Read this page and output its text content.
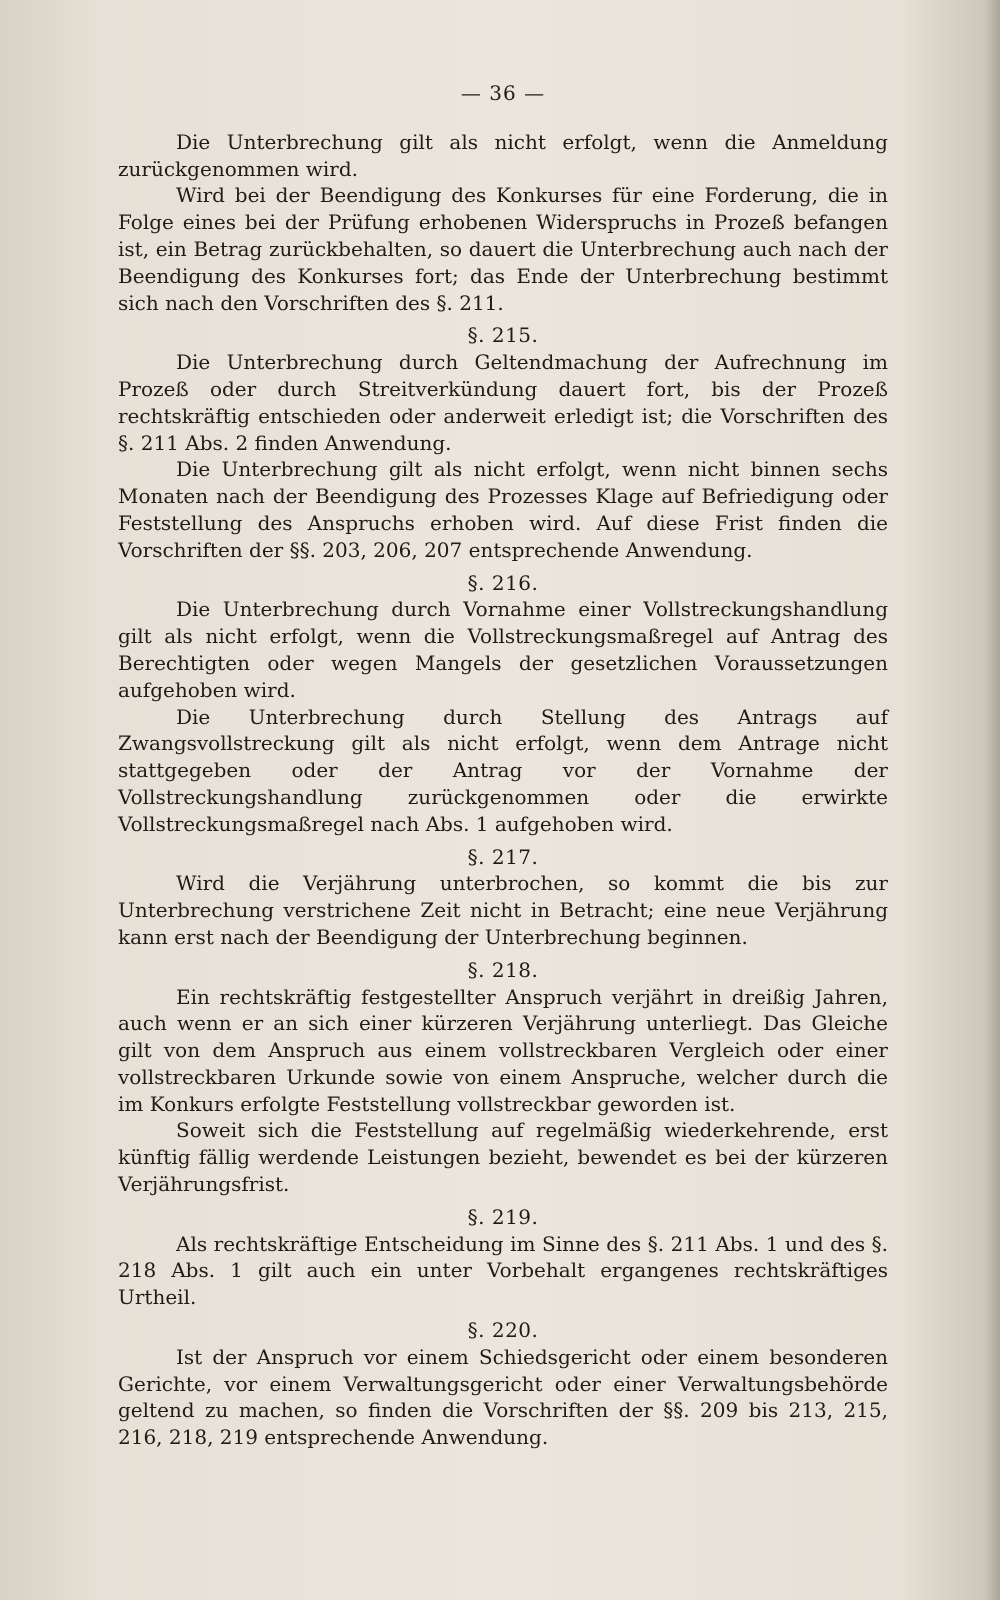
— 36 —

Die Unterbrechung gilt als nicht erfolgt, wenn die Anmeldung zurückgenommen wird.

Wird bei der Beendigung des Konkurses für eine Forderung, die in Folge eines bei der Prüfung erhobenen Widerspruchs in Prozeß befangen ist, ein Betrag zurückbehalten, so dauert die Unterbrechung auch nach der Beendigung des Konkurses fort; das Ende der Unterbrechung bestimmt sich nach den Vorschriften des §. 211.

§. 215.

Die Unterbrechung durch Geltendmachung der Aufrechnung im Prozeß oder durch Streitverkündung dauert fort, bis der Prozeß rechtskräftig entschieden oder anderweit erledigt ist; die Vorschriften des §. 211 Abs. 2 finden Anwendung.

Die Unterbrechung gilt als nicht erfolgt, wenn nicht binnen sechs Monaten nach der Beendigung des Prozesses Klage auf Befriedigung oder Feststellung des Anspruchs erhoben wird. Auf diese Frist finden die Vorschriften der §§. 203, 206, 207 entsprechende Anwendung.

§. 216.

Die Unterbrechung durch Vornahme einer Vollstreckungshandlung gilt als nicht erfolgt, wenn die Vollstreckungsmaßregel auf Antrag des Berechtigten oder wegen Mangels der gesetzlichen Voraussetzungen aufgehoben wird.

Die Unterbrechung durch Stellung des Antrags auf Zwangsvollstreckung gilt als nicht erfolgt, wenn dem Antrage nicht stattgegeben oder der Antrag vor der Vornahme der Vollstreckungshandlung zurückgenommen oder die erwirkte Vollstreckungsmaßregel nach Abs. 1 aufgehoben wird.

§. 217.

Wird die Verjährung unterbrochen, so kommt die bis zur Unterbrechung verstrichene Zeit nicht in Betracht; eine neue Verjährung kann erst nach der Beendigung der Unterbrechung beginnen.

§. 218.

Ein rechtskräftig festgestellter Anspruch verjährt in dreißig Jahren, auch wenn er an sich einer kürzeren Verjährung unterliegt. Das Gleiche gilt von dem Anspruch aus einem vollstreckbaren Vergleich oder einer vollstreckbaren Urkunde sowie von einem Anspruche, welcher durch die im Konkurs erfolgte Feststellung vollstreckbar geworden ist.

Soweit sich die Feststellung auf regelmäßig wiederkehrende, erst künftig fällig werdende Leistungen bezieht, bewendet es bei der kürzeren Verjährungsfrist.

§. 219.

Als rechtskräftige Entscheidung im Sinne des §. 211 Abs. 1 und des §. 218 Abs. 1 gilt auch ein unter Vorbehalt ergangenes rechtskräftiges Urtheil.

§. 220.

Ist der Anspruch vor einem Schiedsgericht oder einem besonderen Gerichte, vor einem Verwaltungsgericht oder einer Verwaltungsbehörde geltend zu machen, so finden die Vorschriften der §§. 209 bis 213, 215, 216, 218, 219 entsprechende Anwendung.
